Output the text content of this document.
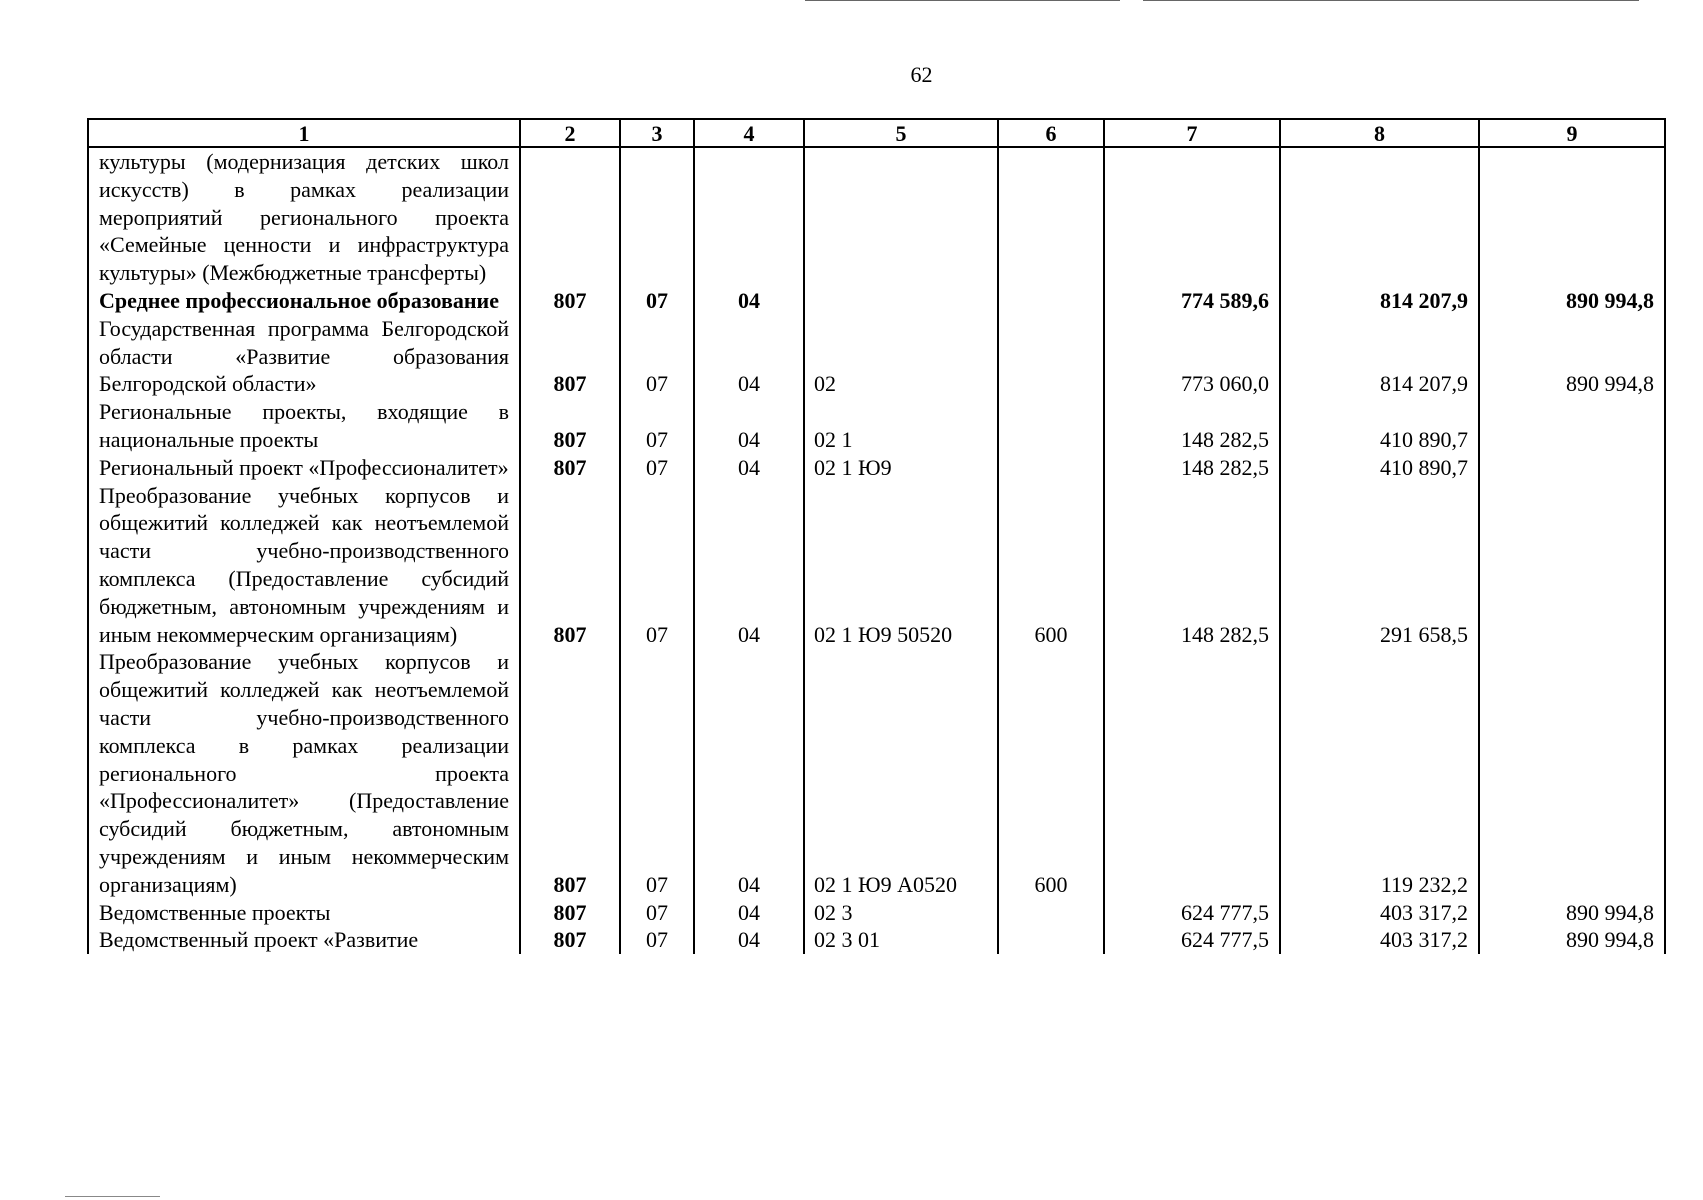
62
1	2	3	4	5	6	7	8	9
культуры (модернизация детских школ искусств) в рамках реализации мероприятий регионального проекта «Семейные ценности и инфраструктура культуры» (Межбюджетные трансферты)								
Среднее профессиональное образование	807	07	04			774 589,6	814 207,9	890 994,8
Государственная программа Белгородской области «Развитие образования Белгородской области»	807	07	04	02		773 060,0	814 207,9	890 994,8
Региональные проекты, входящие в национальные проекты	807	07	04	02 1		148 282,5	410 890,7	
Региональный проект «Профессионалитет»	807	07	04	02 1 Ю9		148 282,5	410 890,7	
Преобразование учебных корпусов и общежитий колледжей как неотъемлемой части учебно-производственного комплекса (Предоставление субсидий бюджетным, автономным учреждениям и иным некоммерческим организациям)	807	07	04	02 1 Ю9 50520	600	148 282,5	291 658,5	
Преобразование учебных корпусов и общежитий колледжей как неотъемлемой части учебно-производственного комплекса в рамках реализации регионального проекта «Профессионалитет» (Предоставление субсидий бюджетным, автономным учреждениям и иным некоммерческим организациям)	807	07	04	02 1 Ю9 А0520	600		119 232,2	
Ведомственные проекты	807	07	04	02 3		624 777,5	403 317,2	890 994,8
Ведомственный проект «Развитие	807	07	04	02 3 01		624 777,5	403 317,2	890 994,8
